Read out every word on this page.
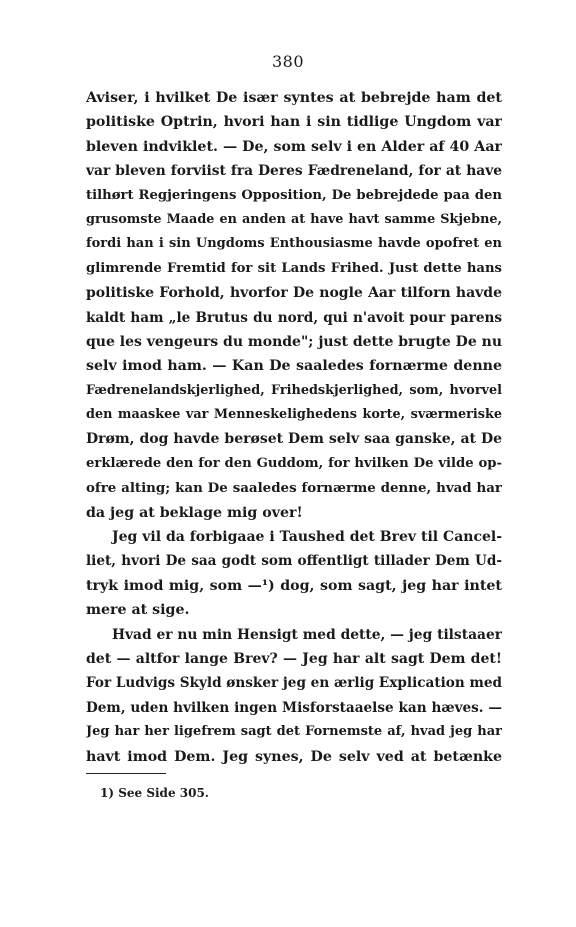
380
Aviser, i hvilket De især syntes at bebrejde ham det
politiske Optrin, hvori han i sin tidlige Ungdom var
bleven indviklet. — De, som selv i en Alder af 40 Aar
var bleven forviist fra Deres Fædreneland, for at have
tilhørt Regjeringens Opposition, De bebrejdede paa den
grusomste Maade en anden at have havt samme Skjebne,
fordi han i sin Ungdoms Enthousiasme havde opofret en
glimrende Fremtid for sit Lands Frihed. Just dette hans
politiske Forhold, hvorfor De nogle Aar tilforn havde
kaldt ham „le Brutus du nord, qui n'avoit pour parens
que les vengeurs du monde"; just dette brugte De nu
selv imod ham. — Kan De saaledes fornærme denne
Fædrenelandskjerlighed, Frihedskjerlighed, som, hvorvel
den maaskee var Menneskelighedens korte, sværmeriske
Drøm, dog havde berøset Dem selv saa ganske, at De
erklærede den for den Guddom, for hvilken De vilde op-
ofre alting; kan De saaledes fornærme denne, hvad har
da jeg at beklage mig over!
Jeg vil da forbigaae i Taushed det Brev til Cancel-
liet, hvori De saa godt som offentligt tillader Dem Ud-
tryk imod mig, som —¹) dog, som sagt, jeg har intet
mere at sige.
Hvad er nu min Hensigt med dette, — jeg tilstaaer
det — altfor lange Brev? — Jeg har alt sagt Dem det!
For Ludvigs Skyld ønsker jeg en ærlig Explication med
Dem, uden hvilken ingen Misforstaaelse kan hæves. —
Jeg har her ligefrem sagt det Fornemste af, hvad jeg har
havt imod Dem. Jeg synes, De selv ved at betænke
1) See Side 305.
